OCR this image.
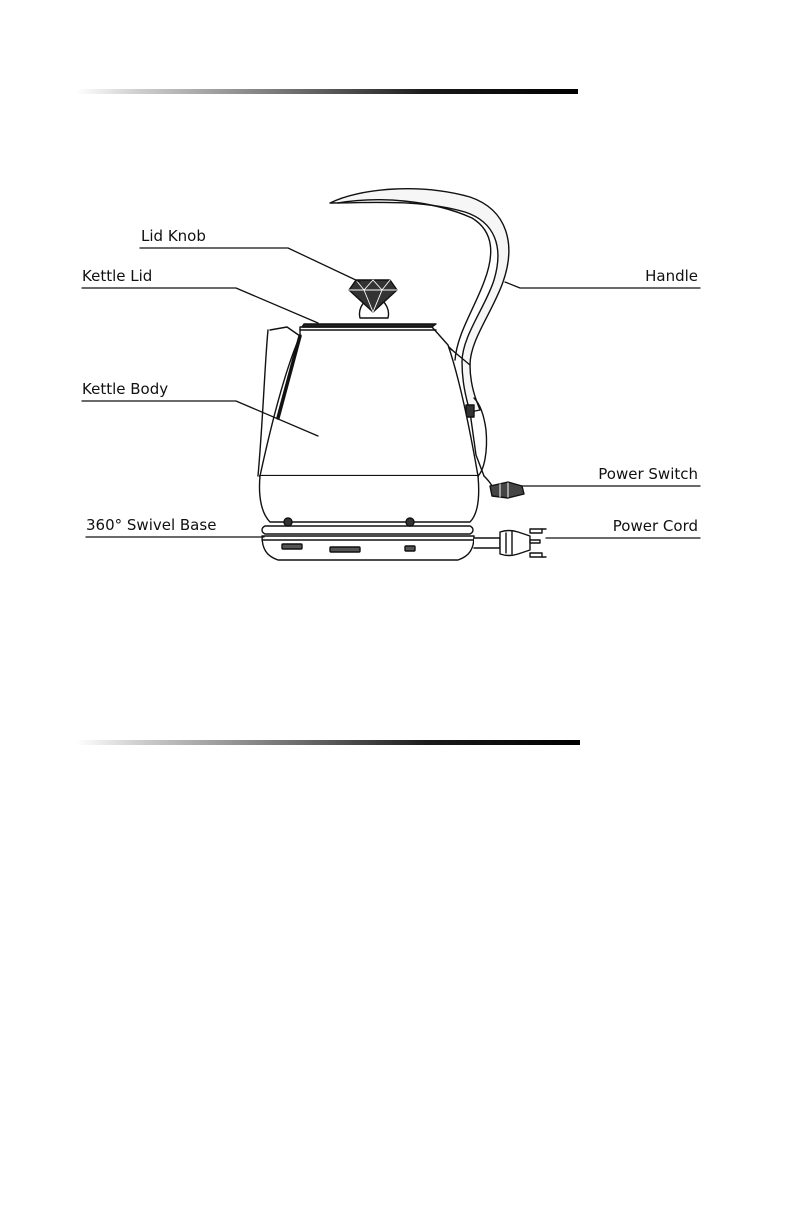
Lid Knob
Kettle Lid
Kettle Body
360° Swivel Base
Handle
Power Switch
Power Cord
